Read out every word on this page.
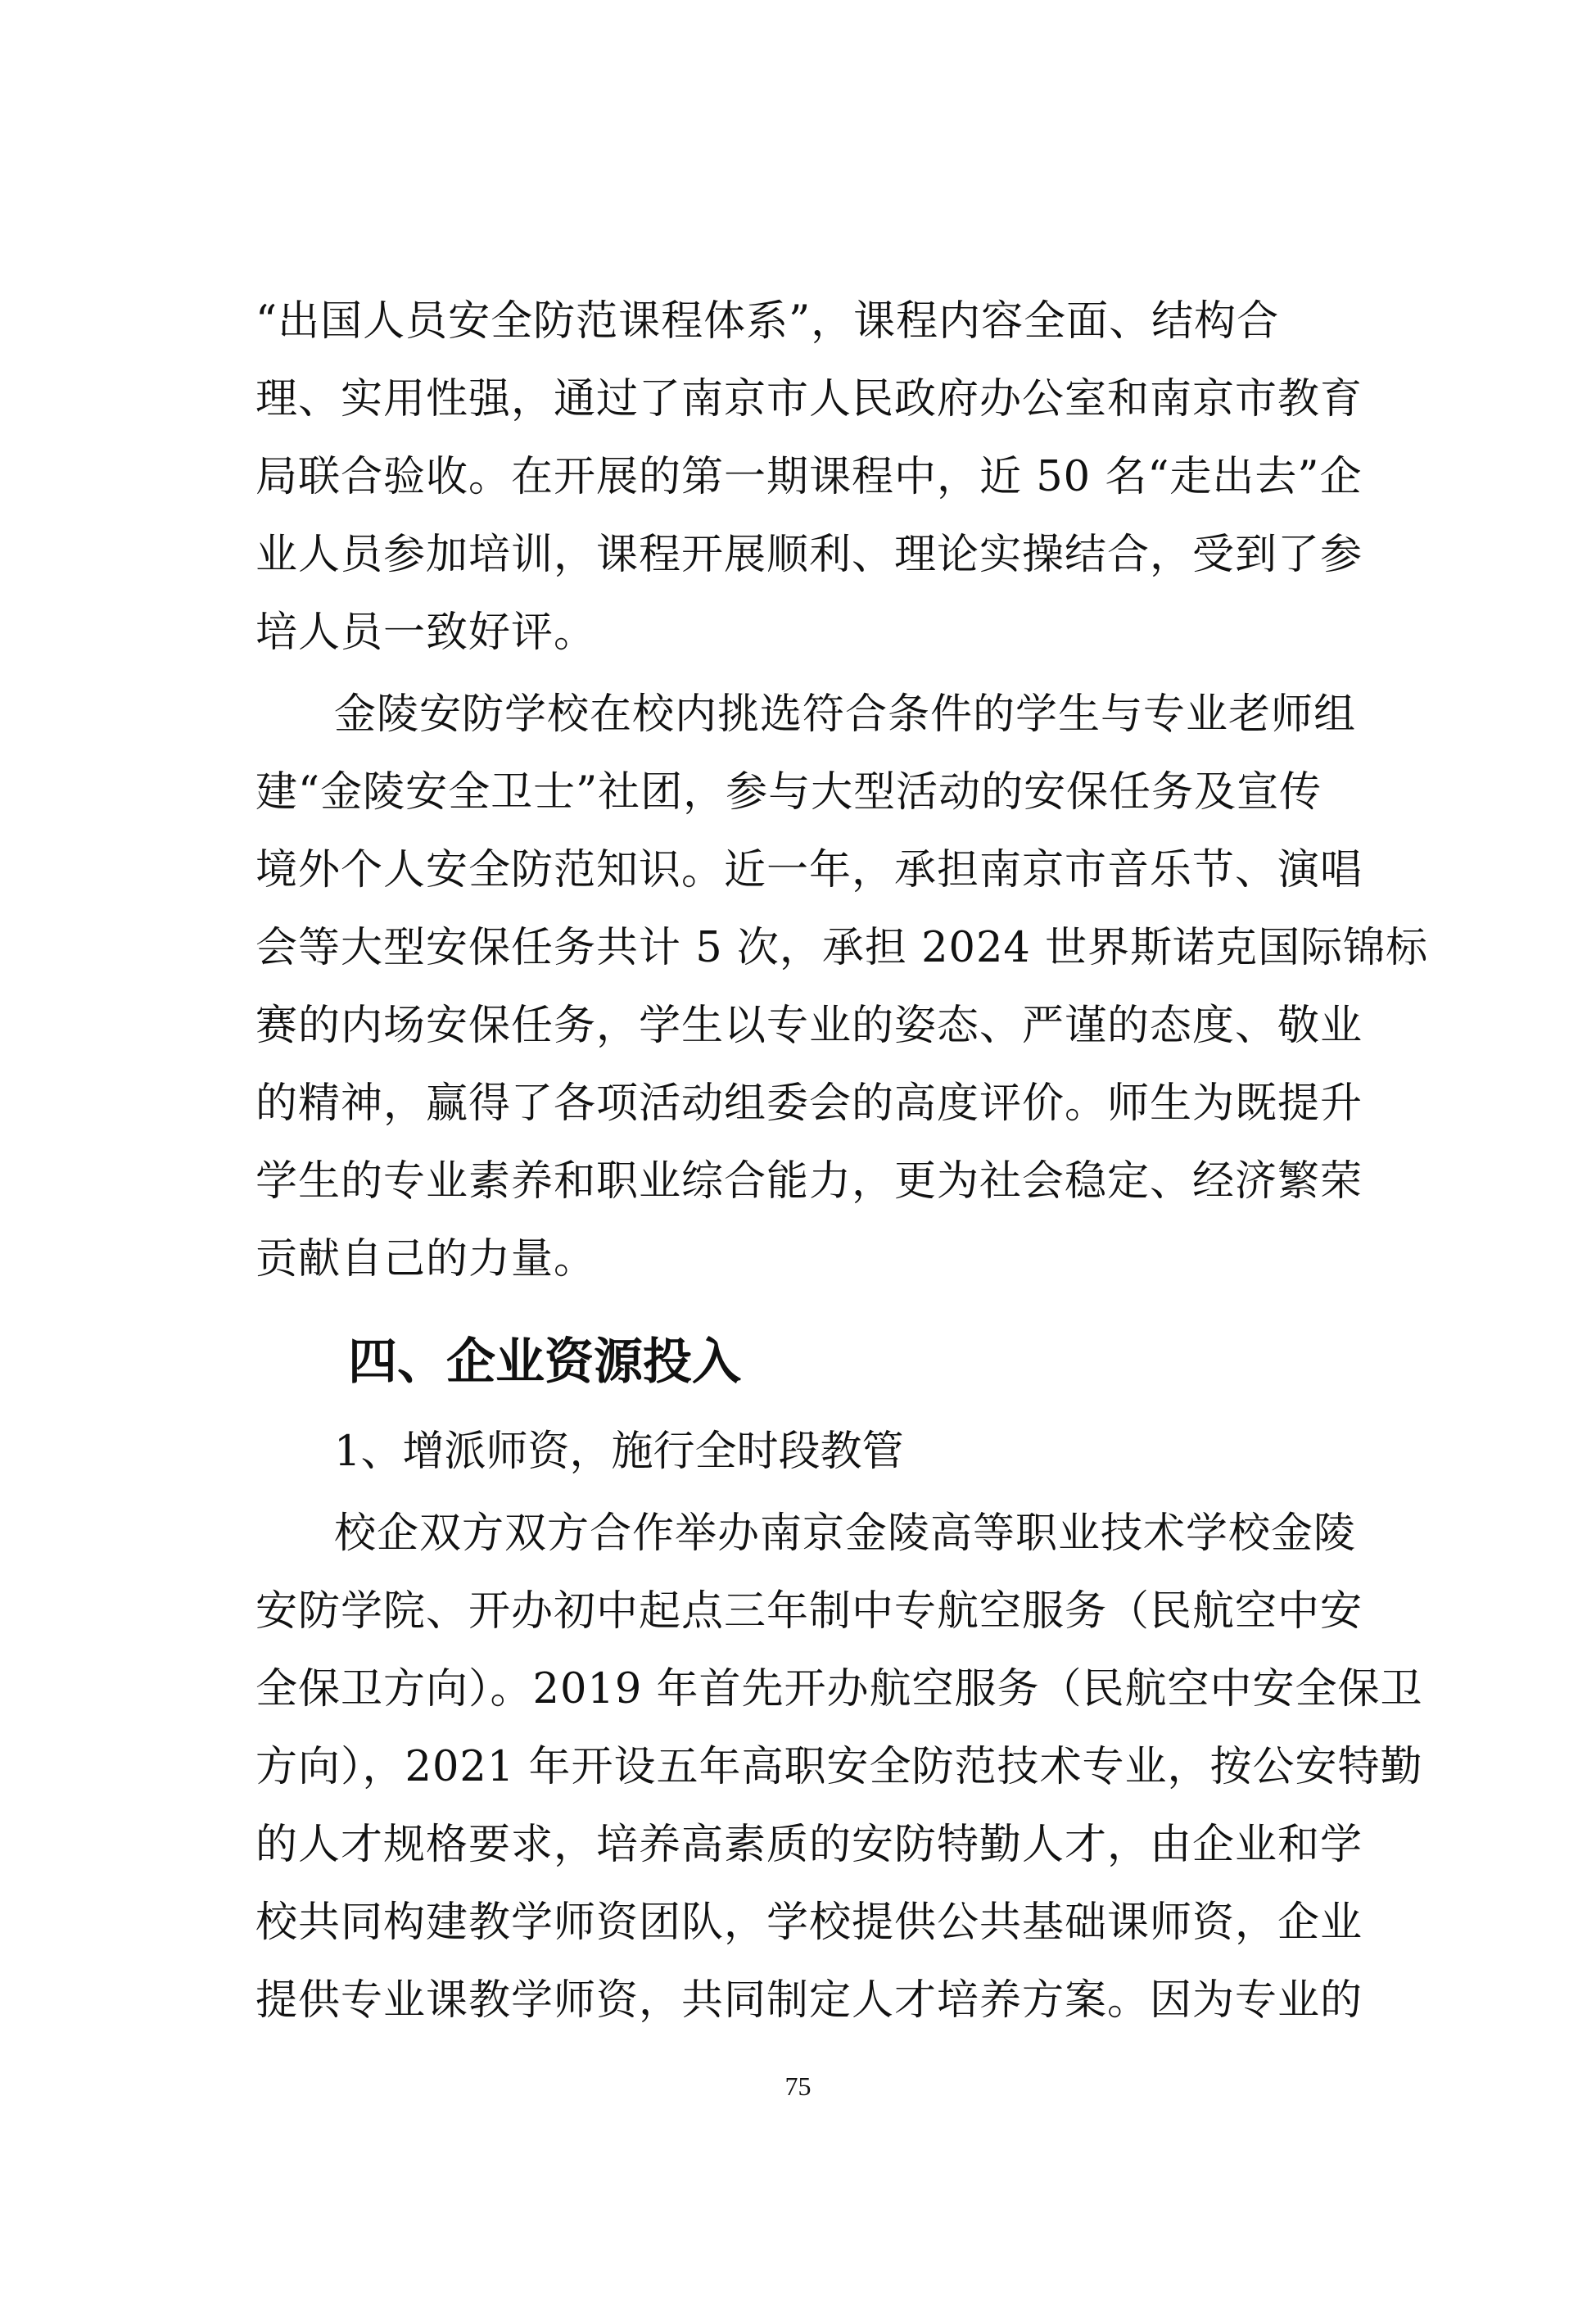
“出国人员安全防范课程体系”，课程内容全面、结构合
理、实用性强，通过了南京市人民政府办公室和南京市教育
局联合验收。在开展的第一期课程中，近 50 名“走出去”企
业人员参加培训，课程开展顺利、理论实操结合，受到了参
培人员一致好评。
金陵安防学校在校内挑选符合条件的学生与专业老师组
建“金陵安全卫士”社团，参与大型活动的安保任务及宣传
境外个人安全防范知识。近一年，承担南京市音乐节、演唱
会等大型安保任务共计 5 次，承担 2024 世界斯诺克国际锦标
赛的内场安保任务，学生以专业的姿态、严谨的态度、敬业
的精神，赢得了各项活动组委会的高度评价。师生为既提升
学生的专业素养和职业综合能力，更为社会稳定、经济繁荣
贡献自己的力量。
四、企业资源投入
1、增派师资，施行全时段教管
校企双方双方合作举办南京金陵高等职业技术学校金陵
安防学院、开办初中起点三年制中专航空服务（民航空中安
全保卫方向）。2019 年首先开办航空服务（民航空中安全保卫
方向），2021 年开设五年高职安全防范技术专业，按公安特勤
的人才规格要求，培养高素质的安防特勤人才，由企业和学
校共同构建教学师资团队，学校提供公共基础课师资，企业
提供专业课教学师资，共同制定人才培养方案。因为专业的
75
